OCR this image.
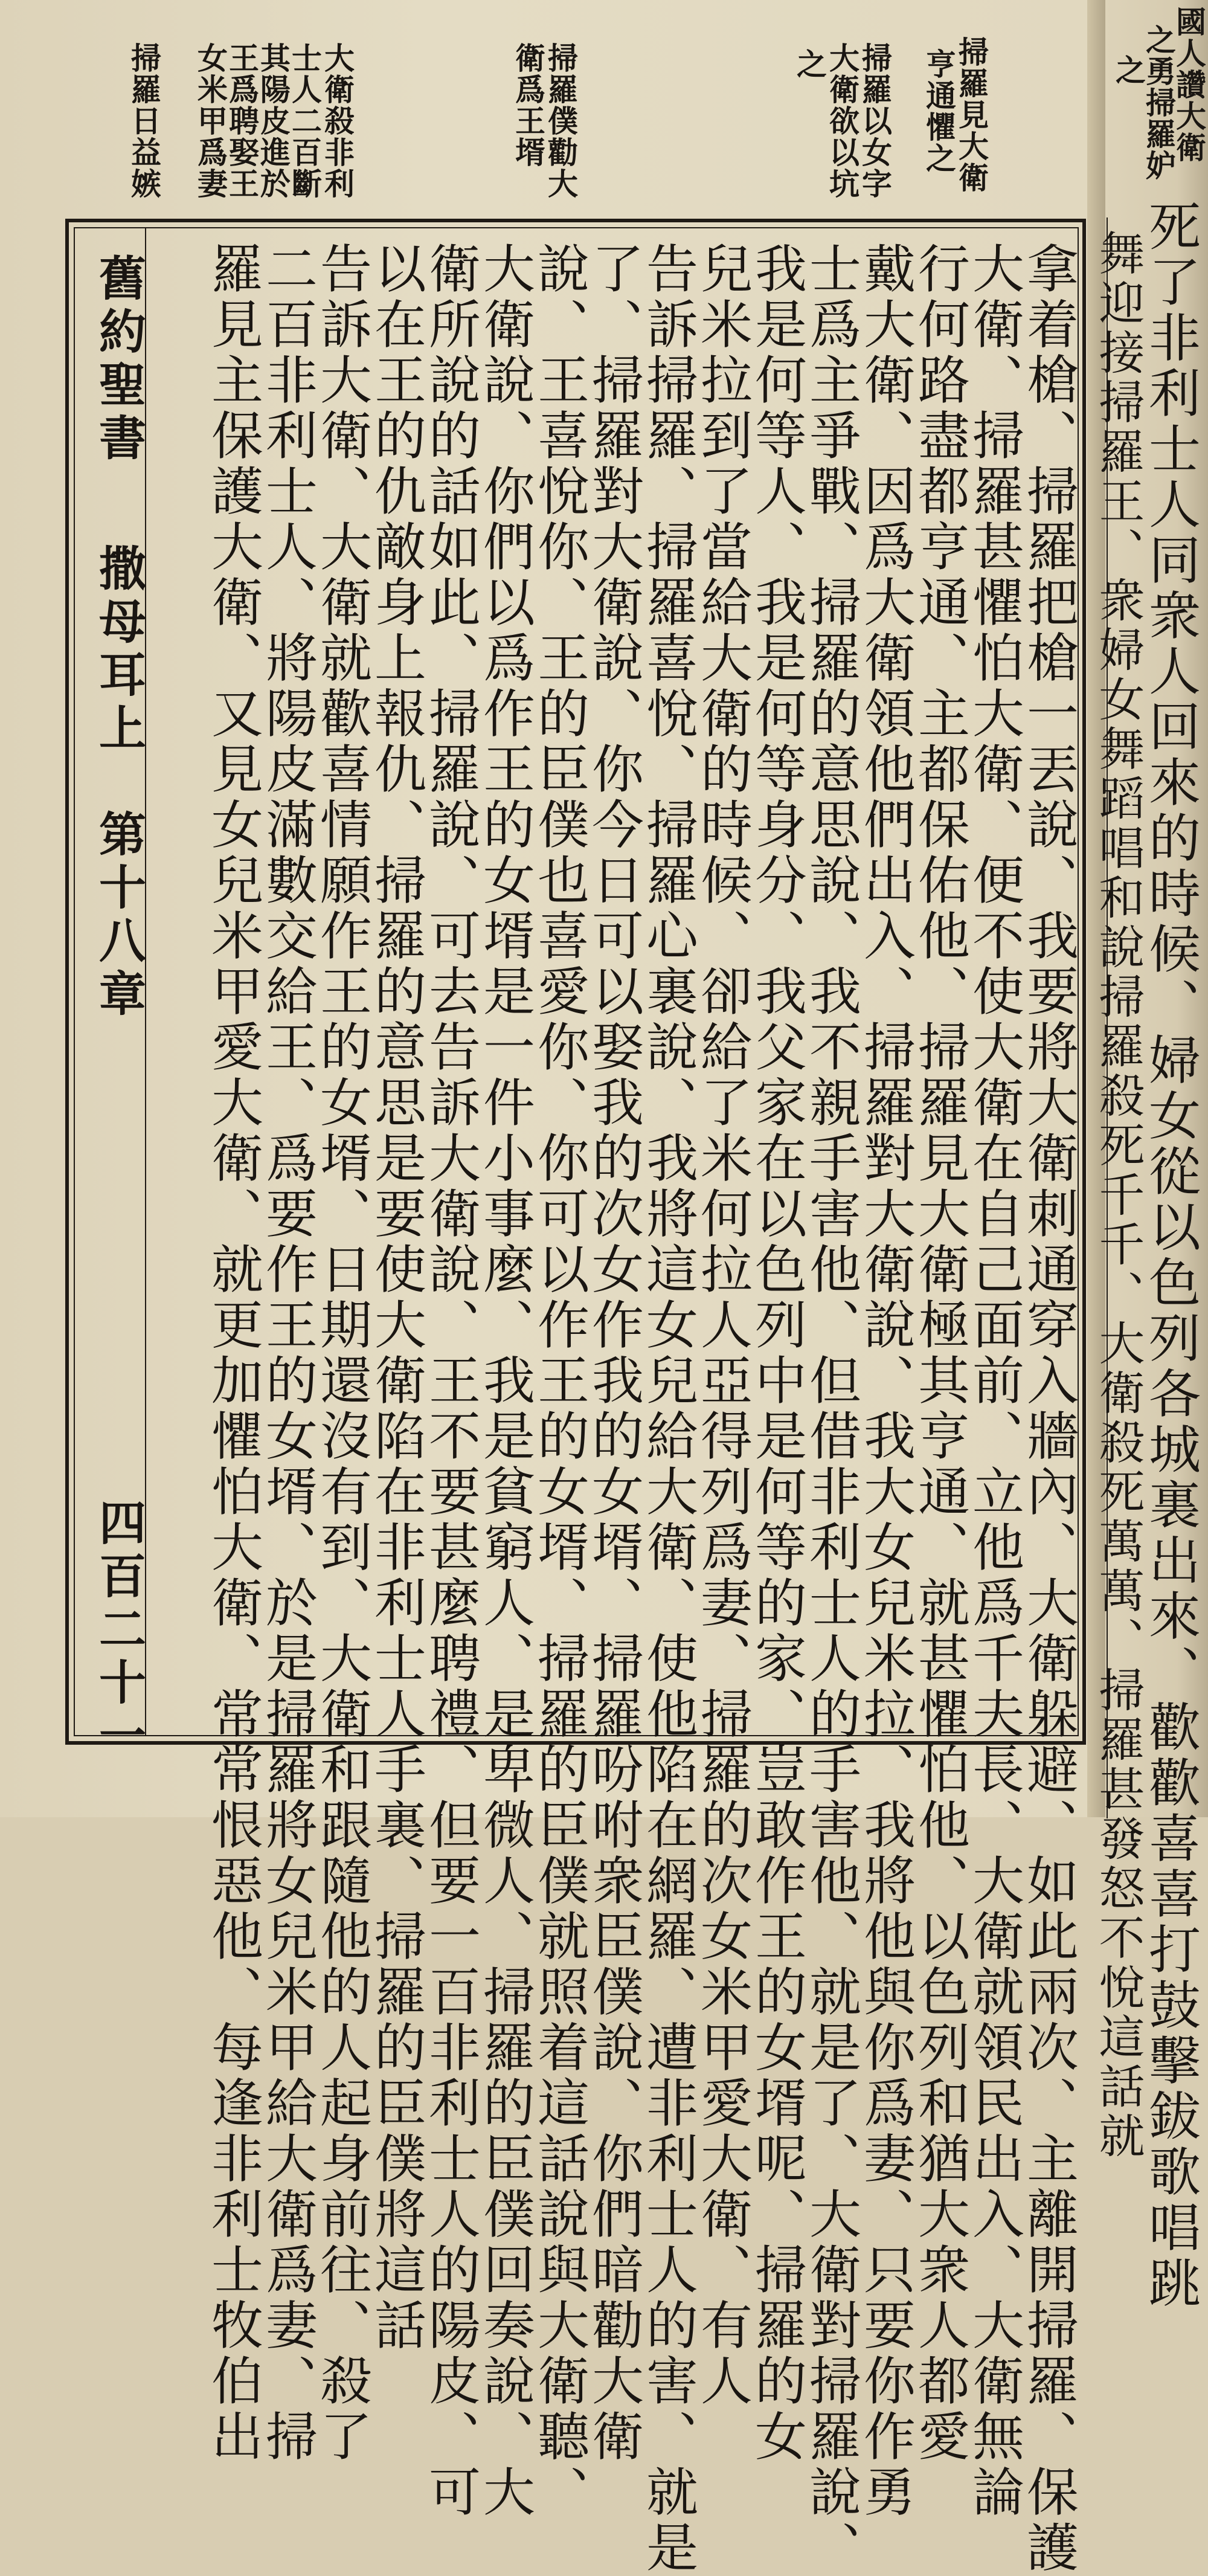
掃羅見大衛
亨通懼之
掃羅以女字
大衛欲以坑
之
掃羅僕勸大
衛爲王壻
大衛殺非利
士人二百斷
其陽皮進於
王爲聘娶王
女米甲爲妻
掃羅日益嫉	國人讚大衛
之勇掃羅妒
之
死了非利士人同衆人回來的時候、婦女從以色列各城裏出來、歡歡喜喜打鼓擊鈸歌唱跳
舞迎接掃羅王、衆婦女舞蹈唱和說掃羅殺死千千、大衛殺死萬萬、掃羅甚發怒不悅這話就
拿着槍、掃羅把槍一丟說、我要將大衛刺通穿入牆內、大衛躲避、如此兩次、主離開掃羅、保護
大衛、掃羅甚懼怕大衛、便不使大衛在自己面前、立他爲千夫長、大衛就領民出入、大衛無論
行何路盡都亨通、主都保佑他、掃羅見大衛極其亨通、就甚懼怕他、以色列和猶大衆人都愛
戴大衛、因爲大衛領他們出入、掃羅對大衛說、我大女兒米拉、我將他與你爲妻、只要你作勇
士爲主爭戰、掃羅的意思說、我不親手害他、但借非利士人的手害他、就是了、大衛對掃羅說、
我是何等人、我是何等身分、我父家在以色列中是何等的家、豈敢作王的女壻呢、掃羅的女
兒米拉到了當給大衛的時候、卻給了米何拉人亞得列爲妻、掃羅的次女米甲愛大衛、有人
告訴掃羅、掃羅喜悅、掃羅心裏說、我將這女兒給大衛、使他陷在網羅、遭非利士人的害、就是
了、掃羅對大衛說、你今日可以娶我的次女作我的女壻、掃羅吩咐衆臣僕說、你們暗勸大衛
說、王喜悅你、王的臣僕也喜愛你、你可以作王的女壻、掃羅的臣僕就照着這話說與大衛聽、
大衛說、你們以爲作王的女壻是一件小事麼、我是貧窮人、是卑微人、掃羅的臣僕回奏說、大
衛所說的話如此、掃羅說、可去告訴大衛說、王不要甚麼聘禮、但要一百非利士人的陽皮、可
以在王的仇敵身上報仇、掃羅的意思是要使大衛陷在非利士人手裏、掃羅的臣僕將這話
告訴大衛、大衛就歡喜情願作王的女壻、日期還沒有到、大衛和跟隨他的人起身前往、殺了
二百非利士人、將陽皮滿數交給王、爲要作王的女壻、於是掃羅將女兒米甲給大衛爲妻、掃
羅見主保護大衛、又見女兒米甲愛大衛、就更加懼怕大衛、常常恨惡他、每逢非利士牧伯出
舊約聖書
撒母耳上
第十八章
四百二十一
